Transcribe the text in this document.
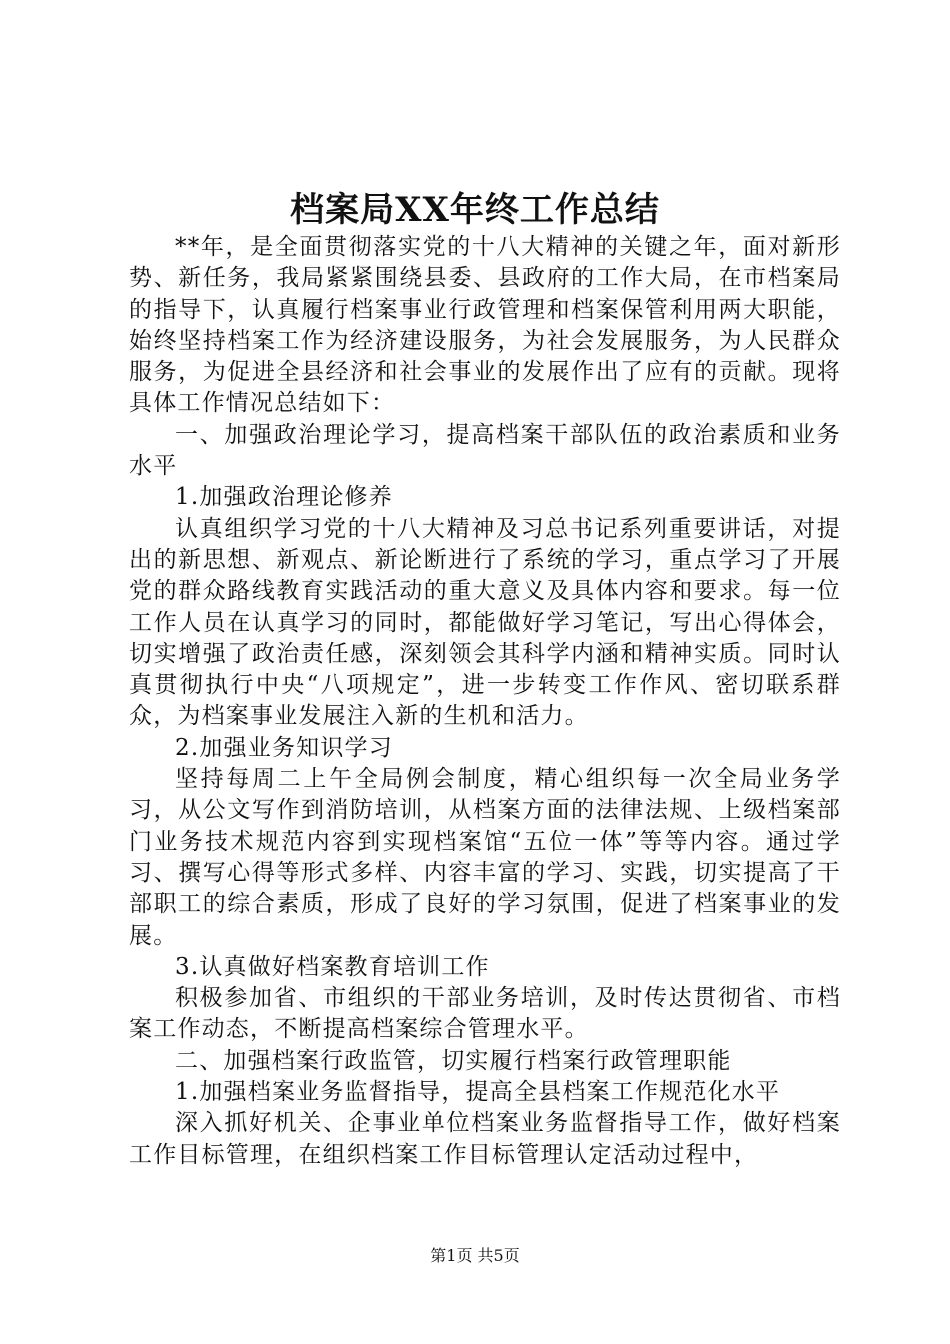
档案局XX年终工作总结

**年，是全面贯彻落实党的十八大精神的关键之年，面对新形势、新任务，我局紧紧围绕县委、县政府的工作大局，在市档案局的指导下，认真履行档案事业行政管理和档案保管利用两大职能，始终坚持档案工作为经济建设服务，为社会发展服务，为人民群众服务，为促进全县经济和社会事业的发展作出了应有的贡献。现将具体工作情况总结如下：

一、加强政治理论学习，提高档案干部队伍的政治素质和业务水平

1.加强政治理论修养

认真组织学习党的十八大精神及习总书记系列重要讲话，对提出的新思想、新观点、新论断进行了系统的学习，重点学习了开展党的群众路线教育实践活动的重大意义及具体内容和要求。每一位工作人员在认真学习的同时，都能做好学习笔记，写出心得体会，切实增强了政治责任感，深刻领会其科学内涵和精神实质。同时认真贯彻执行中央“八项规定”，进一步转变工作作风、密切联系群众，为档案事业发展注入新的生机和活力。

2.加强业务知识学习

坚持每周二上午全局例会制度，精心组织每一次全局业务学习，从公文写作到消防培训，从档案方面的法律法规、上级档案部门业务技术规范内容到实现档案馆“五位一体”等等内容。通过学习、撰写心得等形式多样、内容丰富的学习、实践，切实提高了干部职工的综合素质，形成了良好的学习氛围，促进了档案事业的发展。

3.认真做好档案教育培训工作

积极参加省、市组织的干部业务培训，及时传达贯彻省、市档案工作动态，不断提高档案综合管理水平。

二、加强档案行政监管，切实履行档案行政管理职能

1.加强档案业务监督指导，提高全县档案工作规范化水平

深入抓好机关、企事业单位档案业务监督指导工作，做好档案工作目标管理，在组织档案工作目标管理认定活动过程中，

第1页 共5页
